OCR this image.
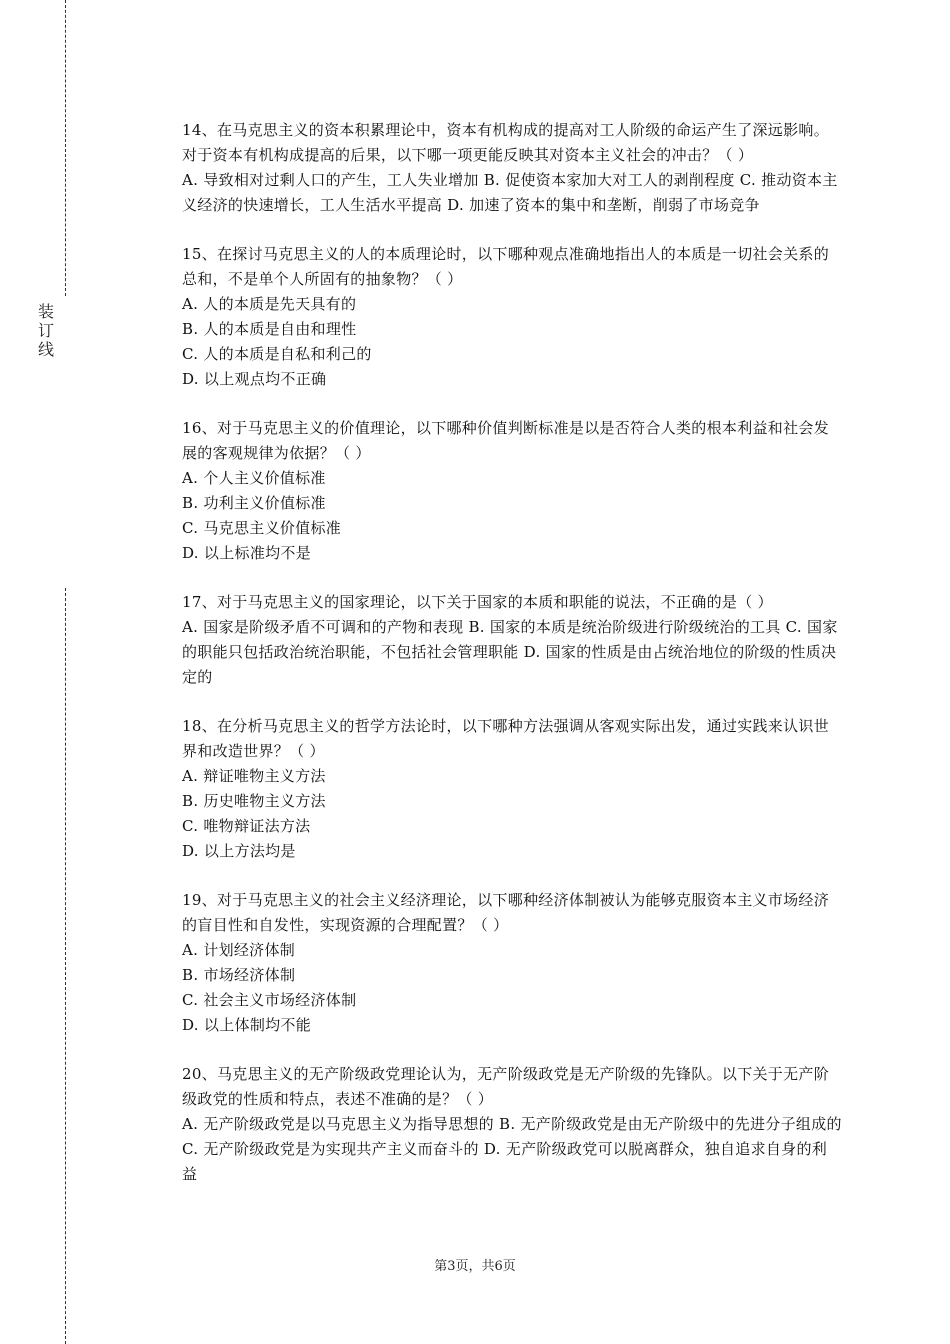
装
订
线

14、在马克思主义的资本积累理论中，资本有机构成的提高对工人阶级的命运产生了深远影响。对于资本有机构成提高的后果，以下哪一项更能反映其对资本主义社会的冲击？（ ）

A. 导致相对过剩人口的产生，工人失业增加 B. 促使资本家加大对工人的剥削程度 C. 推动资本主义经济的快速增长，工人生活水平提高 D. 加速了资本的集中和垄断，削弱了市场竞争

15、在探讨马克思主义的人的本质理论时，以下哪种观点准确地指出人的本质是一切社会关系的总和，不是单个人所固有的抽象物？（ ）

A. 人的本质是先天具有的

B. 人的本质是自由和理性

C. 人的本质是自私和利己的

D. 以上观点均不正确

16、对于马克思主义的价值理论，以下哪种价值判断标准是以是否符合人类的根本利益和社会发展的客观规律为依据？（ ）

A. 个人主义价值标准

B. 功利主义价值标准

C. 马克思主义价值标准

D. 以上标准均不是

17、对于马克思主义的国家理论，以下关于国家的本质和职能的说法，不正确的是（ ）

A. 国家是阶级矛盾不可调和的产物和表现 B. 国家的本质是统治阶级进行阶级统治的工具 C. 国家的职能只包括政治统治职能，不包括社会管理职能 D. 国家的性质是由占统治地位的阶级的性质决定的

18、在分析马克思主义的哲学方法论时，以下哪种方法强调从客观实际出发，通过实践来认识世界和改造世界？（ ）

A. 辩证唯物主义方法

B. 历史唯物主义方法

C. 唯物辩证法方法

D. 以上方法均是

19、对于马克思主义的社会主义经济理论，以下哪种经济体制被认为能够克服资本主义市场经济的盲目性和自发性，实现资源的合理配置？（ ）

A. 计划经济体制

B. 市场经济体制

C. 社会主义市场经济体制

D. 以上体制均不能

20、马克思主义的无产阶级政党理论认为，无产阶级政党是无产阶级的先锋队。以下关于无产阶级政党的性质和特点，表述不准确的是？（ ）

A. 无产阶级政党是以马克思主义为指导思想的 B. 无产阶级政党是由无产阶级中的先进分子组成的 C. 无产阶级政党是为实现共产主义而奋斗的 D. 无产阶级政党可以脱离群众，独自追求自身的利益

第3页，共6页
